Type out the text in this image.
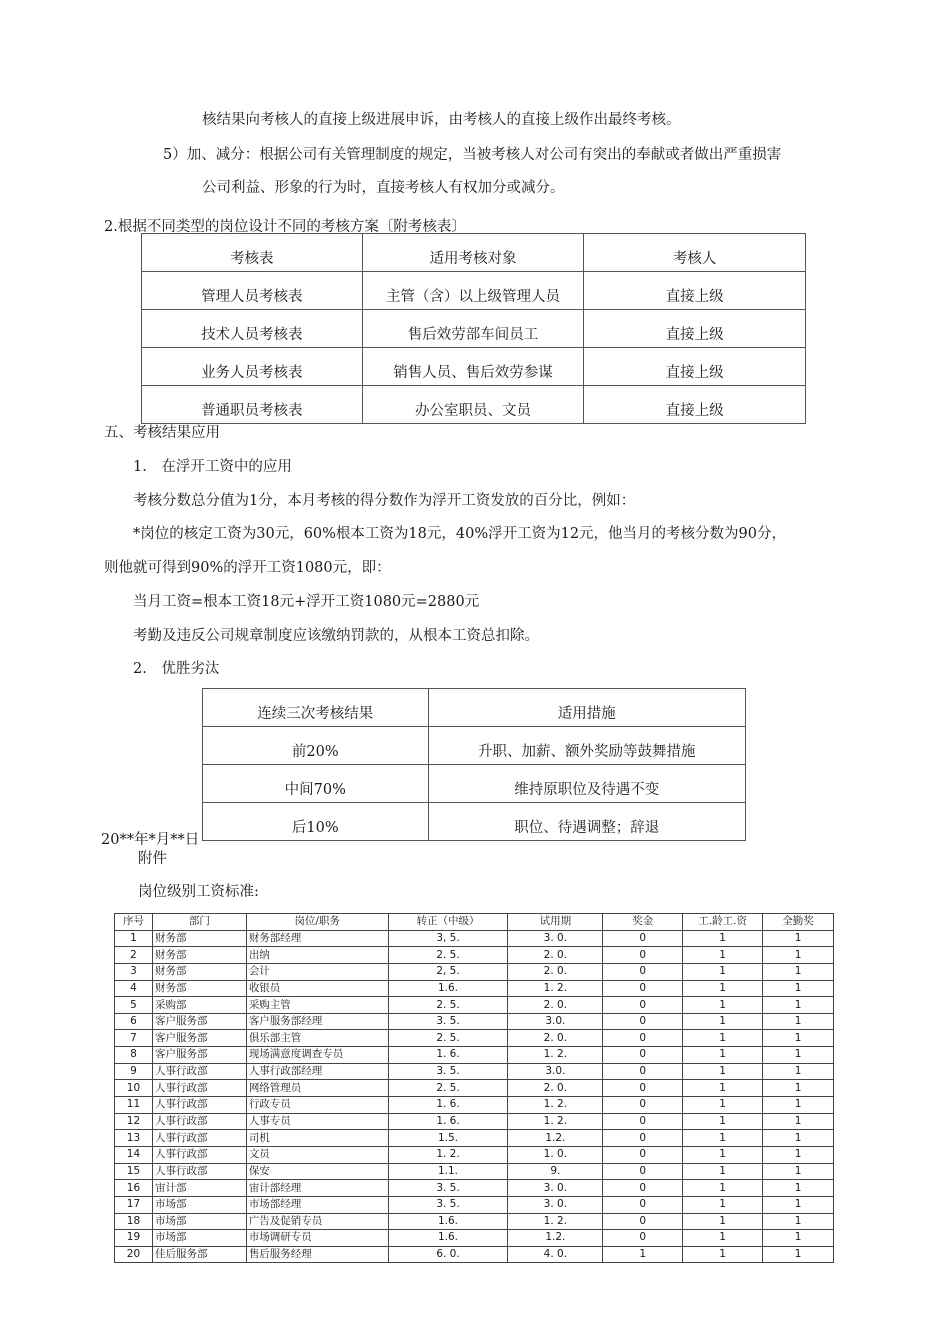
核结果向考核人的直接上级进展申诉，由考核人的直接上级作出最终考核。
5）加、减分：根据公司有关管理制度的规定，当被考核人对公司有突出的奉献或者做出严重损害
公司利益、形象的行为时，直接考核人有权加分或减分。
2.根据不同类型的岗位设计不同的考核方案〔附考核表〕
考核表	适用考核对象	考核人
管理人员考核表	主管（含）以上级管理人员	直接上级
技术人员考核表	售后效劳部车间员工	直接上级
业务人员考核表	销售人员、售后效劳参谋	直接上级
普通职员考核表	办公室职员、文员	直接上级
五、考核结果应用
1.　在浮开工资中的应用
考核分数总分值为1分，本月考核的得分数作为浮开工资发放的百分比，例如：
*岗位的核定工资为30元，60%根本工资为18元，40%浮开工资为12元，他当月的考核分数为90分，
则他就可得到90%的浮开工资1080元，即：
当月工资=根本工资18元+浮开工资1080元=2880元
考勤及违反公司规章制度应该缴纳罚款的，从根本工资总扣除。
2.　优胜劣汰
连续三次考核结果	适用措施
前20%	升职、加薪、额外奖励等鼓舞措施
中间70%	维持原职位及待遇不变
后10%	职位、待遇调整；辞退
20**年*月**日
附件
岗位级别工资标准:
序号	部门	岗位/职务	转正（中级）	试用期	奖金	工.龄工.资	全勤奖
1	财务部	财务部经理	3, 5.	3. 0.	0	1	1
2	财务部	出纳	2. 5.	2. 0.	0	1	1
3	财务部	会计	2, 5.	2. 0.	0	1	1
4	财务部	收银员	1.6.	1. 2.	0	1	1
5	采购部	采购主管	2. 5.	2. 0.	0	1	1
6	客户服务部	客户服务部经理	3. 5.	3.0.	0	1	1
7	客户服务部	俱乐部主管	2. 5.	2. 0.	0	1	1
8	客户服务部	现场满意度调查专员	1. 6.	1. 2.	0	1	1
9	人事行政部	人事行政部经理	3. 5.	3.0.	0	1	1
10	人事行政部	网络管理员	2. 5.	2. 0.	0	1	1
11	人事行政部	行政专员	1. 6.	1. 2.	0	1	1
12	人事行政部	人事专员	1. 6.	1. 2.	0	1	1
13	人事行政部	司机	1.5.	1.2.	0	1	1
14	人事行政部	文员	1. 2.	1. 0.	0	1	1
15	人事行政部	保安	1.1.	9.	0	1	1
16	宙计部	宙计部经理	3. 5.	3. 0.	0	1	1
17	市场部	市场部经理	3. 5.	3. 0.	0	1	1
18	市场部	广告及促销专员	1.6.	1. 2.	0	1	1
19	市场部	市场调研专员	1.6.	1.2.	0	1	1
20	佳后服务部	售后服务经理	6. 0.	4. 0.	1	1	1
